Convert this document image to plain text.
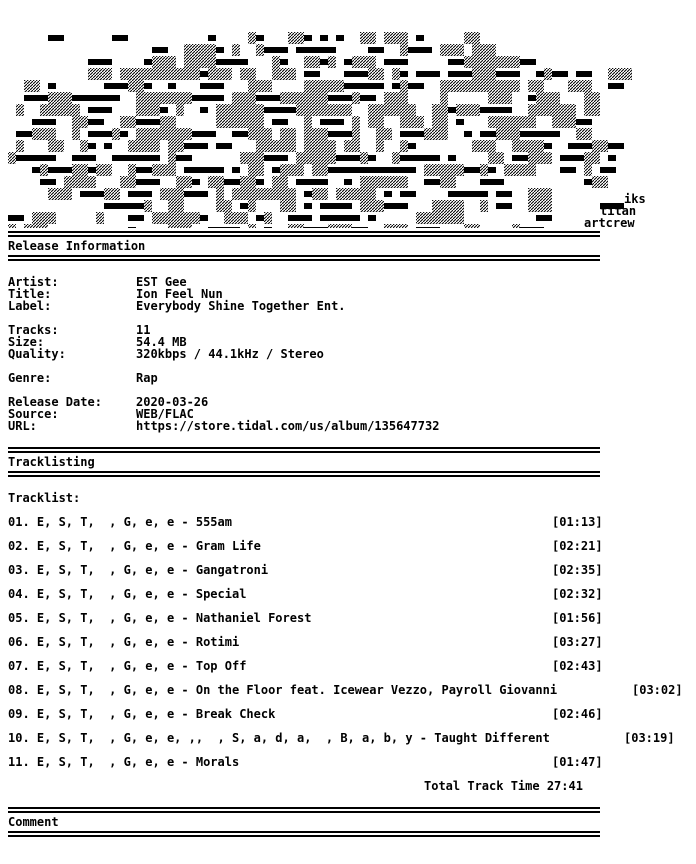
iks
titan
artcrew
Release Information
Artist:	EST Gee
Title:	Ion Feel Nun
Label:	Everybody Shine Together Ent.
Tracks:	11
Size:	54.4 MB
Quality:	320kbps / 44.1kHz / Stereo
Genre:	Rap
Release Date:	2020-03-26
Source:	WEB/FLAC
URL:	https://store.tidal.com/us/album/135647732
Tracklisting
Tracklist:
01. E, S, T,  , G, e, e - 555am	[01:13]
02. E, S, T,  , G, e, e - Gram Life	[02:21]
03. E, S, T,  , G, e, e - Gangatroni	[02:35]
04. E, S, T,  , G, e, e - Special	[02:32]
05. E, S, T,  , G, e, e - Nathaniel Forest	[01:56]
06. E, S, T,  , G, e, e - Rotimi	[03:27]
07. E, S, T,  , G, e, e - Top Off	[02:43]
08. E, S, T,  , G, e, e - On the Floor feat. Icewear Vezzo, Payroll Giovanni	[03:02]
09. E, S, T,  , G, e, e - Break Check	[02:46]
10. E, S, T,  , G, e, e, ,,  , S, a, d, a,  , B, a, b, y - Taught Different	[03:19]
11. E, S, T,  , G, e, e - Morals	[01:47]

Total Track Time 27:41

Comment
